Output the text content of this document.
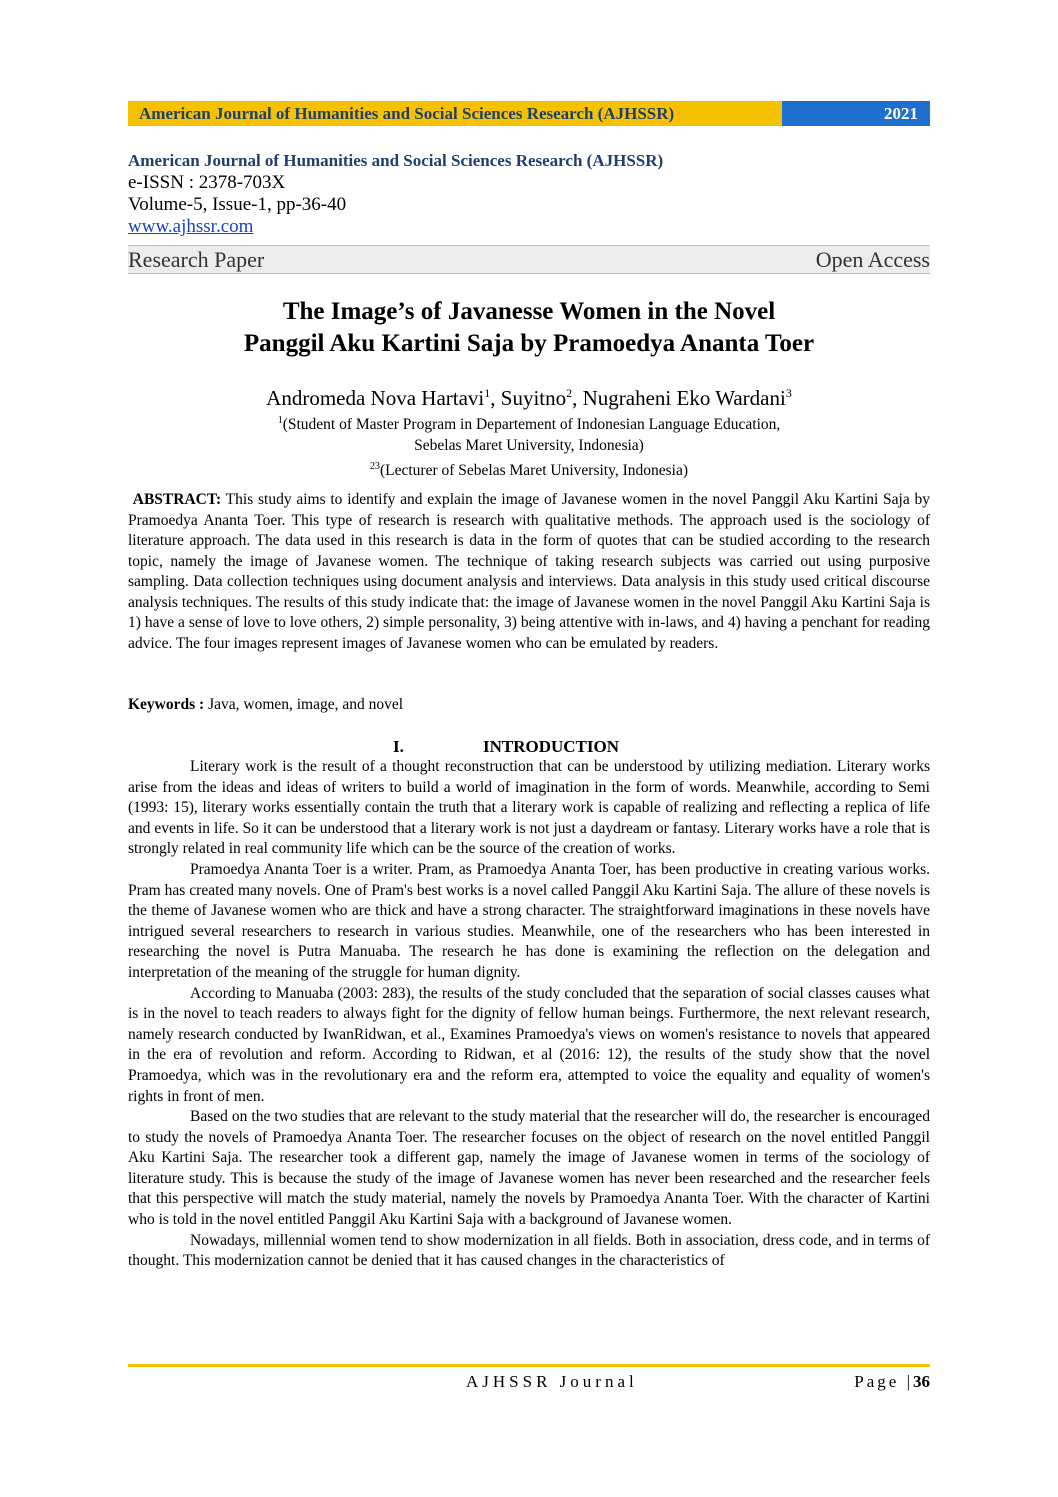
American Journal of Humanities and Social Sciences Research (AJHSSR)	2021
American Journal of Humanities and Social Sciences Research (AJHSSR)
e-ISSN : 2378-703X
Volume-5, Issue-1, pp-36-40
www.ajhssr.com
Research Paper	Open Access
The Image’s of Javanesse Women in the Novel
Panggil Aku Kartini Saja by Pramoedya Ananta Toer
Andromeda Nova Hartavi$^1$, Suyitno$^2$, Nugraheni Eko Wardani$^3$
$^1$(Student of Master Program in Departement of Indonesian Language Education,
Sebelas Maret University, Indonesia)
$^{23}$(Lecturer of Sebelas Maret University, Indonesia)
ABSTRACT: This study aims to identify and explain the image of Javanese women in the novel Panggil Aku Kartini Saja by Pramoedya Ananta Toer. This type of research is research with qualitative methods. The approach used is the sociology of literature approach. The data used in this research is data in the form of quotes that can be studied according to the research topic, namely the image of Javanese women. The technique of taking research subjects was carried out using purposive sampling. Data collection techniques using document analysis and interviews. Data analysis in this study used critical discourse analysis techniques. The results of this study indicate that: the image of Javanese women in the novel Panggil Aku Kartini Saja is 1) have a sense of love to love others, 2) simple personality, 3) being attentive with in-laws, and 4) having a penchant for reading advice. The four images represent images of Javanese women who can be emulated by readers.
Keywords : Java, women, image, and novel
I.	INTRODUCTION

Literary work is the result of a thought reconstruction that can be understood by utilizing mediation. Literary works arise from the ideas and ideas of writers to build a world of imagination in the form of words. Meanwhile, according to Semi (1993: 15), literary works essentially contain the truth that a literary work is capable of realizing and reflecting a replica of life and events in life. So it can be understood that a literary work is not just a daydream or fantasy. Literary works have a role that is strongly related in real community life which can be the source of the creation of works.

Pramoedya Ananta Toer is a writer. Pram, as Pramoedya Ananta Toer, has been productive in creating various works. Pram has created many novels. One of Pram's best works is a novel called Panggil Aku Kartini Saja. The allure of these novels is the theme of Javanese women who are thick and have a strong character. The straightforward imaginations in these novels have intrigued several researchers to research in various studies. Meanwhile, one of the researchers who has been interested in researching the novel is Putra Manuaba. The research he has done is examining the reflection on the delegation and interpretation of the meaning of the struggle for human dignity.

According to Manuaba (2003: 283), the results of the study concluded that the separation of social classes causes what is in the novel to teach readers to always fight for the dignity of fellow human beings. Furthermore, the next relevant research, namely research conducted by IwanRidwan, et al., Examines Pramoedya's views on women's resistance to novels that appeared in the era of revolution and reform. According to Ridwan, et al (2016: 12), the results of the study show that the novel Pramoedya, which was in the revolutionary era and the reform era, attempted to voice the equality and equality of women's rights in front of men.

Based on the two studies that are relevant to the study material that the researcher will do, the researcher is encouraged to study the novels of Pramoedya Ananta Toer. The researcher focuses on the object of research on the novel entitled Panggil Aku Kartini Saja. The researcher took a different gap, namely the image of Javanese women in terms of the sociology of literature study. This is because the study of the image of Javanese women has never been researched and the researcher feels that this perspective will match the study material, namely the novels by Pramoedya Ananta Toer. With the character of Kartini who is told in the novel entitled Panggil Aku Kartini Saja with a background of Javanese women.

Nowadays, millennial women tend to show modernization in all fields. Both in association, dress code, and in terms of thought. This modernization cannot be denied that it has caused changes in the characteristics of

AJHSSR Journal	Page |36
